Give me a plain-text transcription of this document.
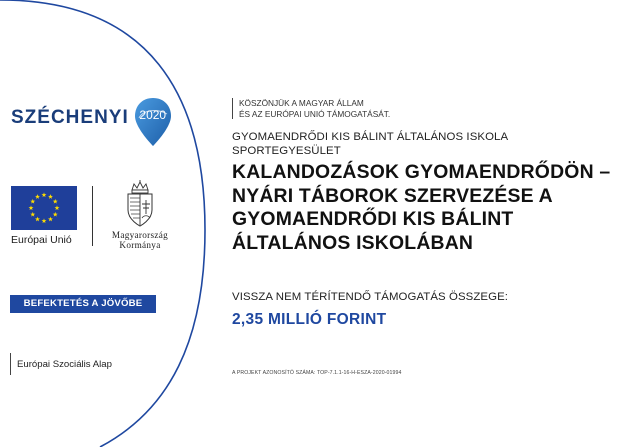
SZÉCHENYI 2020
Európai Unió	Magyarország
Kormánya
BEFEKTETÉS A JÖVŐBE
Európai Szociális Alap
KÖSZÖNJÜK A MAGYAR ÁLLAM
ÉS AZ EURÓPAI UNIÓ TÁMOGATÁSÁT.
GYOMAENDRŐDI KIS BÁLINT ÁLTALÁNOS ISKOLA SPORTEGYESÜLET
KALANDOZÁSOK GYOMAENDRŐDÖN – NYÁRI TÁBOROK SZERVEZÉSE A GYOMAENDRŐDI KIS BÁLINT ÁLTALÁNOS ISKOLÁBAN
VISSZA NEM TÉRÍTENDŐ TÁMOGATÁS ÖSSZEGE:
2,35 MILLIÓ FORINT
A PROJEKT AZONOSÍTÓ SZÁMA: TOP-7.1.1-16-H-ESZA-2020-01994
